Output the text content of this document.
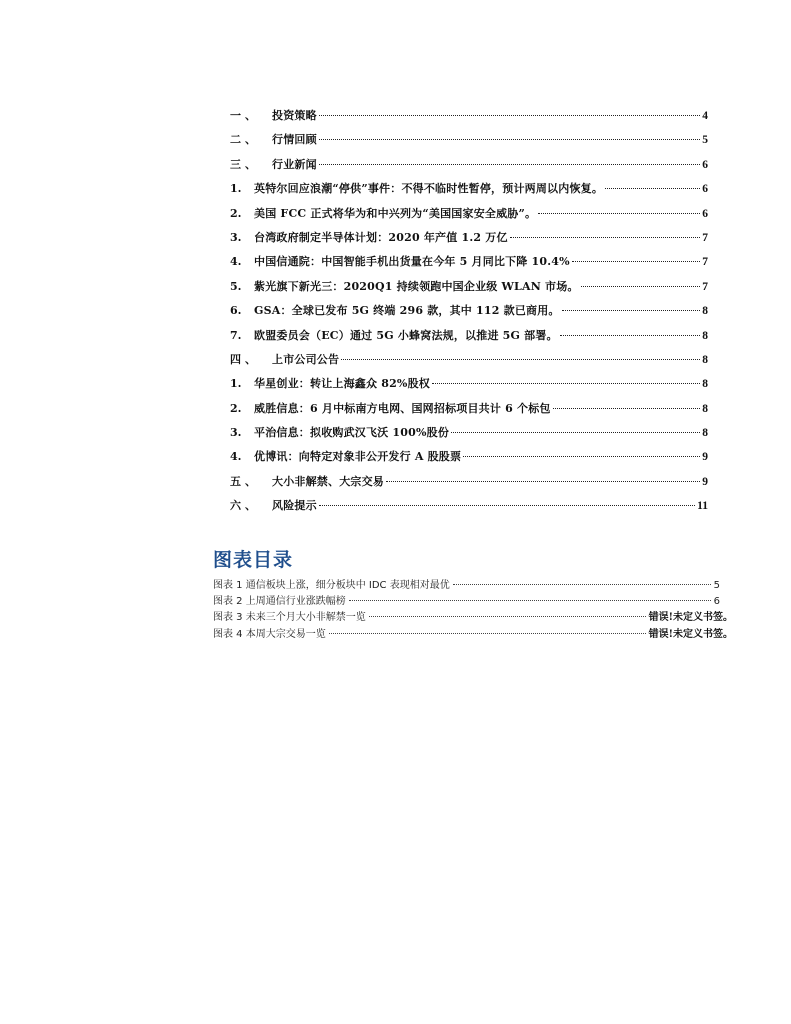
一、	投资策略	4
二、	行情回顾	5
三、	行业新闻	6
1.	英特尔回应浪潮“停供”事件：不得不临时性暂停，预计两周以内恢复。	6
2.	美国 FCC 正式将华为和中兴列为“美国国家安全威胁”。	6
3.	台湾政府制定半导体计划：2020 年产值 1.2 万亿	7
4.	中国信通院：中国智能手机出货量在今年 5 月同比下降 10.4%	7
5.	紫光旗下新光三：2020Q1 持续领跑中国企业级 WLAN 市场。	7
6.	GSA：全球已发布 5G 终端 296 款，其中 112 款已商用。	8
7.	欧盟委员会（EC）通过 5G 小蜂窝法规，以推进 5G 部署。	8
四、	上市公司公告	8
1.	华星创业：转让上海鑫众 82%股权	8
2.	威胜信息：6 月中标南方电网、国网招标项目共计 6 个标包	8
3.	平治信息：拟收购武汉飞沃 100%股份	8
4.	优博讯：向特定对象非公开发行 A 股股票	9
五、	大小非解禁、大宗交易	9
六、	风险提示	11
图表目录
图表 1 通信板块上涨，细分板块中 IDC 表现相对最优	5
图表 2 上周通信行业涨跌幅榜	6
图表 3 未来三个月大小非解禁一览	错误!未定义书签。
图表 4 本周大宗交易一览	错误!未定义书签。
